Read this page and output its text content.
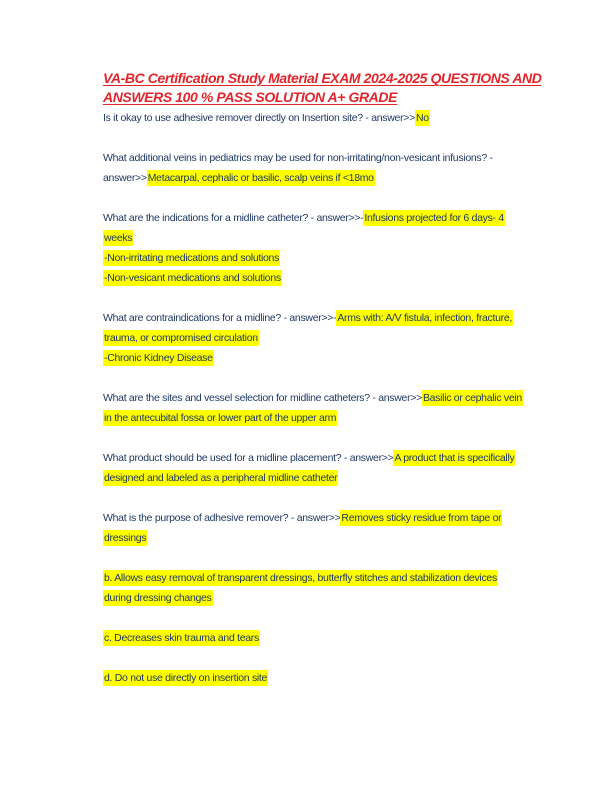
VA-BC Certification Study Material EXAM 2024-2025 QUESTIONS AND
ANSWERS 100 % PASS SOLUTION A+ GRADE
Is it okay to use adhesive remover directly on Insertion site? - answer>>No
What additional veins in pediatrics may be used for non-irritating/non-vesicant infusions? -
answer>>Metacarpal, cephalic or basilic, scalp veins if <18mo
What are the indications for a midline catheter? - answer>>-Infusions projected for 6 days- 4
weeks
-Non-irritating medications and solutions
-Non-vesicant medications and solutions
What are contraindications for a midline? - answer>>-Arms with: A/V fistula, infection, fracture,
trauma, or compromised circulation
-Chronic Kidney Disease
What are the sites and vessel selection for midline catheters? - answer>>Basilic or cephalic vein
in the antecubital fossa or lower part of the upper arm
What product should be used for a midline placement? - answer>>A product that is specifically
designed and labeled as a peripheral midline catheter
What is the purpose of adhesive remover? - answer>>Removes sticky residue from tape or
dressings
b. Allows easy removal of transparent dressings, butterfly stitches and stabilization devices
during dressing changes
c. Decreases skin trauma and tears
d. Do not use directly on insertion site
